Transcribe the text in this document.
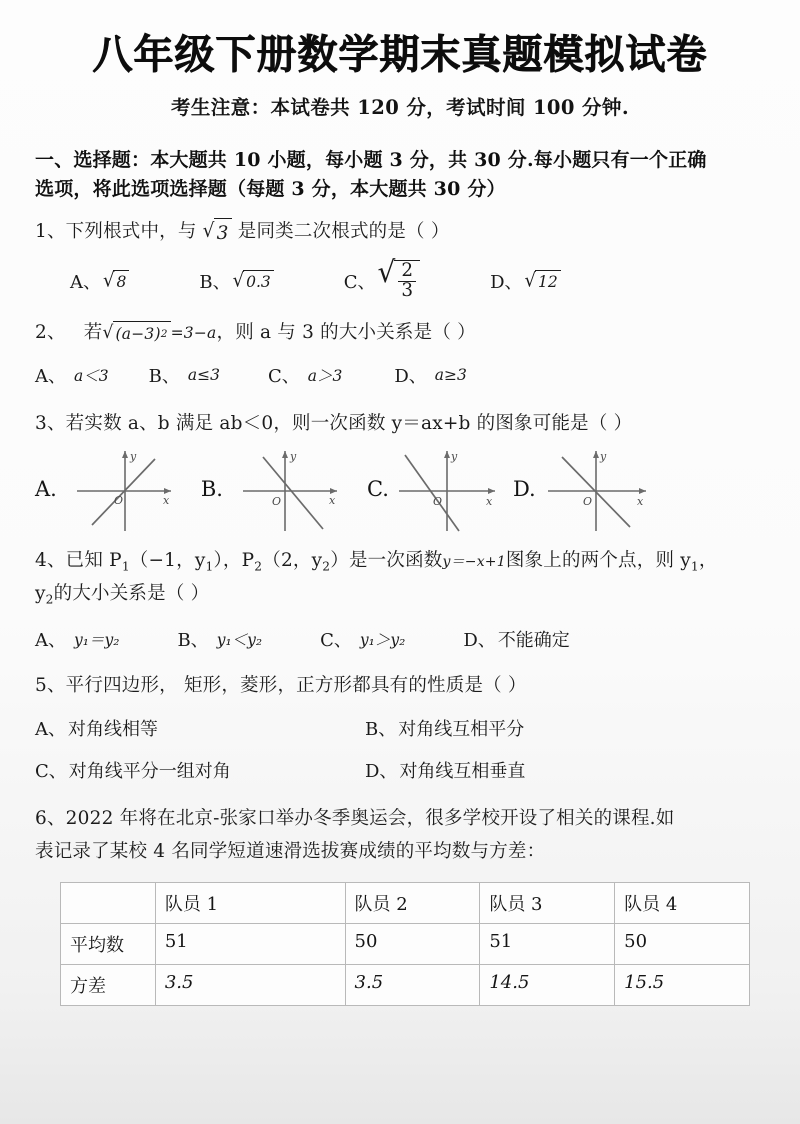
八年级下册数学期末真题模拟试卷
考生注意：本试卷共 120 分，考试时间 100 分钟.
一、选择题：本大题共 10 小题，每小题 3 分，共 30 分.每小题只有一个正确
选项，将此选项选择题（每题 3 分，本大题共 30 分）
1、下列根式中，与 √ 3 是同类二次根式的是（ ）
A、 √ 8	B、 √ 0.3	C、 √ $\frac{2}{3}$	D、 √ 12
2、 若 √ (a−3) 2 =3−a，则 a 与 3 的大小关系是（ ）
A、 a＜3 B、 a≤3	C、 a＞3	D、 a≥3
3、若实数 a、b 满足 ab＜0，则一次函数 y＝ax+b 的图象可能是（ ）
A.
y
x
O	B.
y
x
O
C.
y
x
O
D.
y
x
O
4、已知 $P_1(-1$，$y_1$），$P_2(2$，$y_2$）是一次函数y＝−x+1图象上的两个点，则 $y_1$，
$y_2$的大小关系是（ ）
A、 y₁＝y₂	B、 y₁＜y₂	C、 y₁＞y₂	D、 不能确定
5、平行四边形， 矩形，菱形，正方形都具有的性质是（ ）
A、 对角线相等	B、 对角线互相平分
C、 对角线平分一组对角	D、 对角线互相垂直
6、2022 年将在北京-张家口举办冬季奥运会，很多学校开设了相关的课程.如
表记录了某校 4 名同学短道速滑选拔赛成绩的平均数与方差：
	队员 1	队员 2	队员 3	队员 4
平均数	51	50	51	50
方差	3.5	3.5	14.5	15.5
